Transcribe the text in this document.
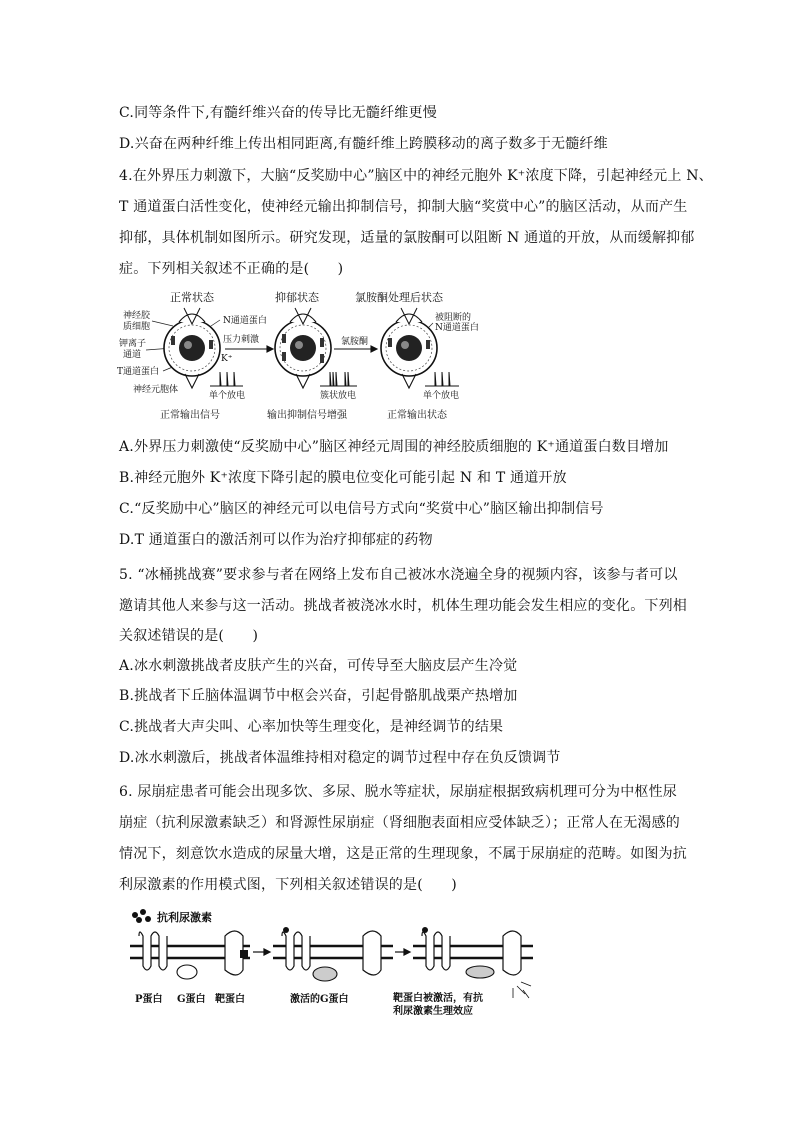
C.同等条件下,有髓纤维兴奋的传导比无髓纤维更慢
D.兴奋在两种纤维上传出相同距离,有髓纤维上跨膜移动的离子数多于无髓纤维
4.在外界压力刺激下，大脑“反奖励中心”脑区中的神经元胞外 K⁺浓度下降，引起神经元上 N、
T 通道蛋白活性变化，使神经元输出抑制信号，抑制大脑“奖赏中心”的脑区活动，从而产生
抑郁，具体机制如图所示。研究发现，适量的氯胺酮可以阻断 N 通道的开放，从而缓解抑郁
症。下列相关叙述不正确的是(　　)
正常状态	抑郁状态	氯胺酮处理后状态
神经胶
质细胞
钾离子
通道
T通道蛋白
神经元胞体
N通道蛋白
压力刺激
K⁺
氯胺酮
被阻断的
N通道蛋白
单个放电	簇状放电	单个放电
正常输出信号	输出抑制信号增强	正常输出状态
A.外界压力刺激使“反奖励中心”脑区神经元周围的神经胶质细胞的 K⁺通道蛋白数目增加
B.神经元胞外 K⁺浓度下降引起的膜电位变化可能引起 N 和 T 通道开放
C.“反奖励中心”脑区的神经元可以电信号方式向“奖赏中心”脑区输出抑制信号
D.T 通道蛋白的激活剂可以作为治疗抑郁症的药物
5. “冰桶挑战赛”要求参与者在网络上发布自己被冰水浇遍全身的视频内容，该参与者可以
邀请其他人来参与这一活动。挑战者被浇冰水时，机体生理功能会发生相应的变化。下列相
关叙述错误的是(　　)
A.冰水刺激挑战者皮肤产生的兴奋，可传导至大脑皮层产生冷觉
B.挑战者下丘脑体温调节中枢会兴奋，引起骨骼肌战栗产热增加
C.挑战者大声尖叫、心率加快等生理变化，是神经调节的结果
D.冰水刺激后，挑战者体温维持相对稳定的调节过程中存在负反馈调节
6. 尿崩症患者可能会出现多饮、多尿、脱水等症状，尿崩症根据致病机理可分为中枢性尿
崩症（抗利尿激素缺乏）和肾源性尿崩症（肾细胞表面相应受体缺乏）；正常人在无渴感的
情况下，刻意饮水造成的尿量大增，这是正常的生理现象，不属于尿崩症的范畴。如图为抗
利尿激素的作用模式图，下列相关叙述错误的是(　　)
抗利尿激素
P蛋白 G蛋白 靶蛋白	激活的G蛋白	靶蛋白被激活，有抗
利尿激素生理效应
